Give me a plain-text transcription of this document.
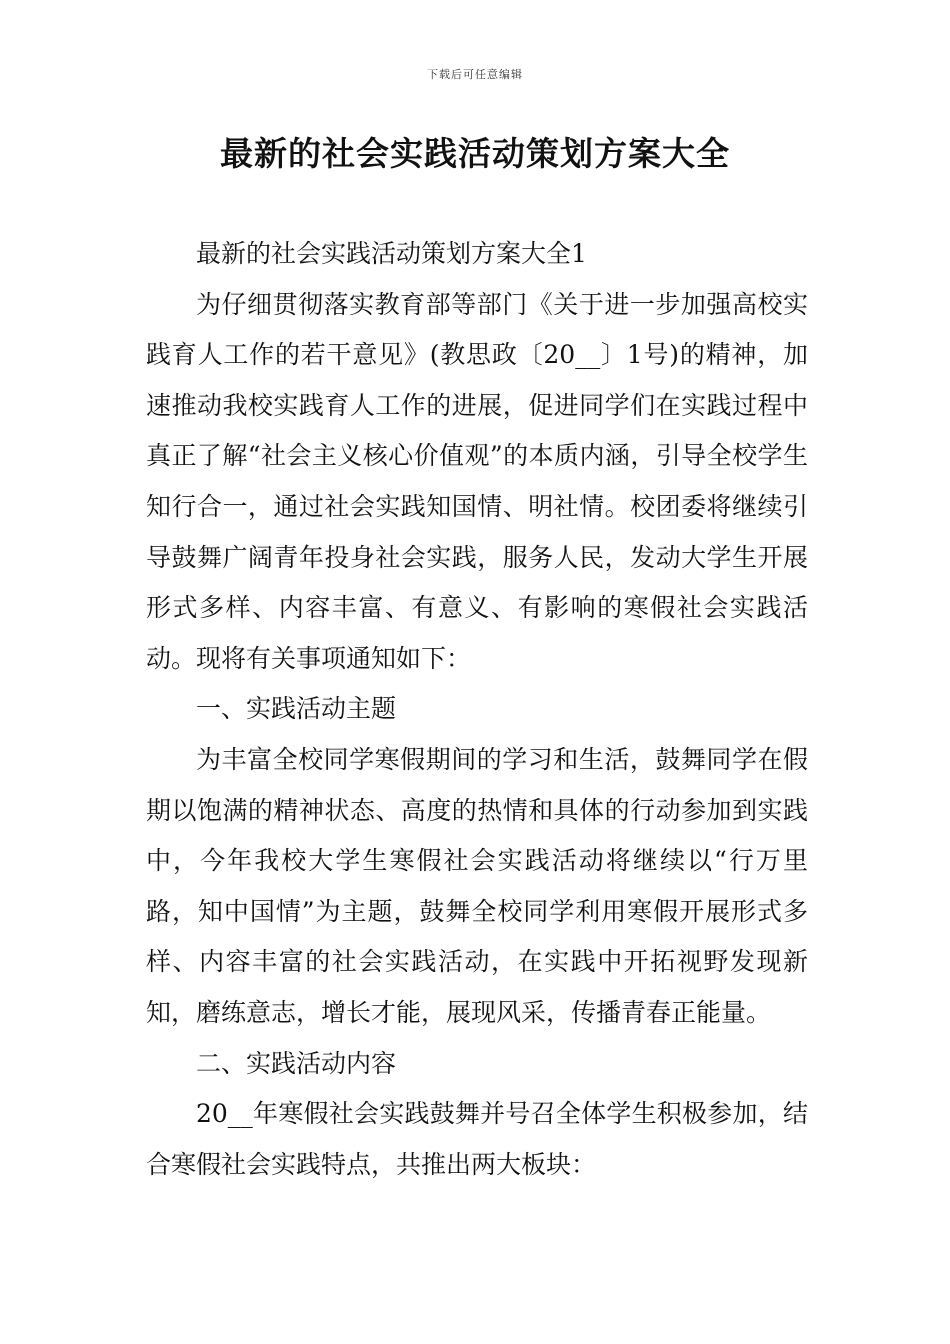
下载后可任意编辑
最新的社会实践活动策划方案大全

最新的社会实践活动策划方案大全1

为仔细贯彻落实教育部等部门《关于进一步加强高校实践育人工作的若干意见》(教思政〔20__〕1号)的精神，加速推动我校实践育人工作的进展，促进同学们在实践过程中真正了解“社会主义核心价值观”的本质内涵，引导全校学生知行合一，通过社会实践知国情、明社情。校团委将继续引导鼓舞广阔青年投身社会实践，服务人民，发动大学生开展形式多样、内容丰富、有意义、有影响的寒假社会实践活动。现将有关事项通知如下：

一、实践活动主题

为丰富全校同学寒假期间的学习和生活，鼓舞同学在假期以饱满的精神状态、高度的热情和具体的行动参加到实践中，今年我校大学生寒假社会实践活动将继续以“行万里路，知中国情”为主题，鼓舞全校同学利用寒假开展形式多样、内容丰富的社会实践活动，在实践中开拓视野发现新知，磨练意志，增长才能，展现风采，传播青春正能量。

二、实践活动内容

20__年寒假社会实践鼓舞并号召全体学生积极参加，结合寒假社会实践特点，共推出两大板块：
